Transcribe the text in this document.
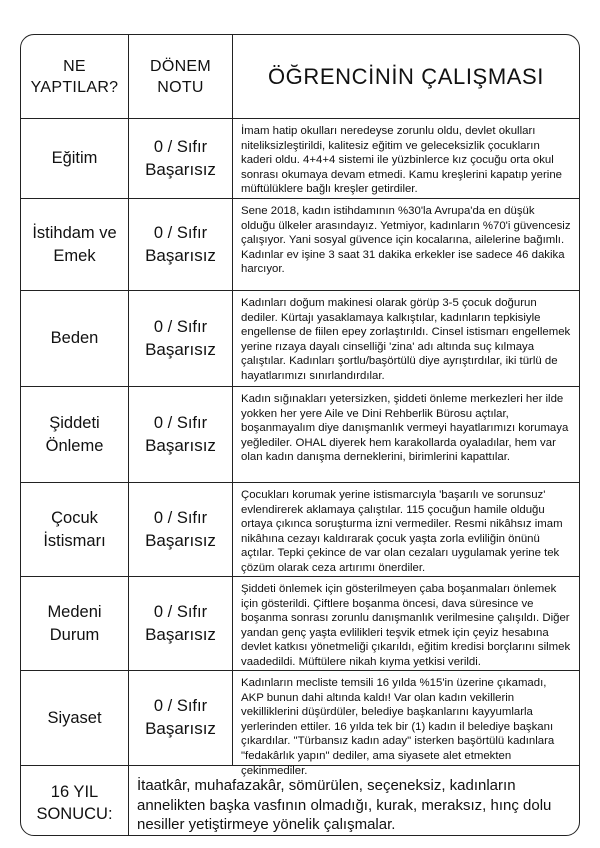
NE
YAPTILAR?
DÖNEM
NOTU	ÖĞRENCİNİN ÇALIŞMASI
Eğitim
0 / Sıfır
Başarısız
İmam hatip okulları neredeyse zorunlu oldu, devlet okulları niteliksizleştirildi, kalitesiz eğitim ve geleceksizlik çocukların kaderi oldu. 4+4+4 sistemi ile yüzbinlerce kız çocuğu orta okul sonrası okumaya devam etmedi. Kamu kreşlerini kapatıp yerine müftülüklere bağlı kreşler getirdiler.
İstihdam ve
Emek
0 / Sıfır
Başarısız
Sene 2018, kadın istihdamının %30'la Avrupa'da en düşük olduğu ülkeler arasındayız. Yetmiyor, kadınların %70'i güvencesiz çalışıyor. Yani sosyal güvence için kocalarına, ailelerine bağımlı. Kadınlar ev işine 3 saat 31 dakika erkekler ise sadece 46 dakika harcıyor.
Beden
0 / Sıfır
Başarısız
Kadınları doğum makinesi olarak görüp 3-5 çocuk doğurun dediler. Kürtajı yasaklamaya kalkıştılar, kadınların tepkisiyle engellense de fiilen epey zorlaştırıldı. Cinsel istismarı engellemek yerine rızaya dayalı cinselliği 'zina' adı altında suç kılmaya çalıştılar. Kadınları şortlu/başörtülü diye ayrıştırdılar, iki türlü de hayatlarımızı sınırlandırdılar.
Şiddeti
Önleme
0 / Sıfır
Başarısız
Kadın sığınakları yetersizken, şiddeti önleme merkezleri her ilde yokken her yere Aile ve Dini Rehberlik Bürosu açtılar, boşanmayalım diye danışmanlık vermeyi hayatlarımızı korumaya yeğlediler. OHAL diyerek hem karakollarda oyaladılar, hem var olan kadın danışma derneklerini, birimlerini kapattılar.
Çocuk
İstismarı
0 / Sıfır
Başarısız
Çocukları korumak yerine istismarcıyla 'başarılı ve sorunsuz' evlendirerek aklamaya çalıştılar. 115 çocuğun hamile olduğu ortaya çıkınca soruşturma izni vermediler. Resmi nikâhsız imam nikâhına cezayı kaldırarak çocuk yaşta zorla evliliğin önünü açtılar. Tepki çekince de var olan cezaları uygulamak yerine tek çözüm olarak ceza artırımı önerdiler.
Medeni
Durum
0 / Sıfır
Başarısız
Şiddeti önlemek için gösterilmeyen çaba boşanmaları önlemek için gösterildi. Çiftlere boşanma öncesi, dava süresince ve boşanma sonrası zorunlu danışmanlık verilmesine çalışıldı. Diğer yandan genç yaşta evlilikleri teşvik etmek için çeyiz hesabına devlet katkısı yönetmeliği çıkarıldı, eğitim kredisi borçlarını silmek vaadedildi. Müftülere nikah kıyma yetkisi verildi.
Siyaset
0 / Sıfır
Başarısız
Kadınların mecliste temsili 16 yılda %15'in üzerine çıkamadı, AKP bunun dahi altında kaldı! Var olan kadın vekillerin vekilliklerini düşürdüler, belediye başkanlarını kayyumlarla yerlerinden ettiler. 16 yılda tek bir (1) kadın il belediye başkanı çıkardılar. "Türbansız kadın aday" isterken başörtülü kadınlara "fedakârlık yapın" dediler, ama siyasete alet etmekten çekinmediler.
16 YIL
SONUCU:
İtaatkâr, muhafazakâr, sömürülen, seçeneksiz, kadınların annelikten başka vasfının olmadığı, kurak, meraksız, hınç dolu nesiller yetiştirmeye yönelik çalışmalar.
